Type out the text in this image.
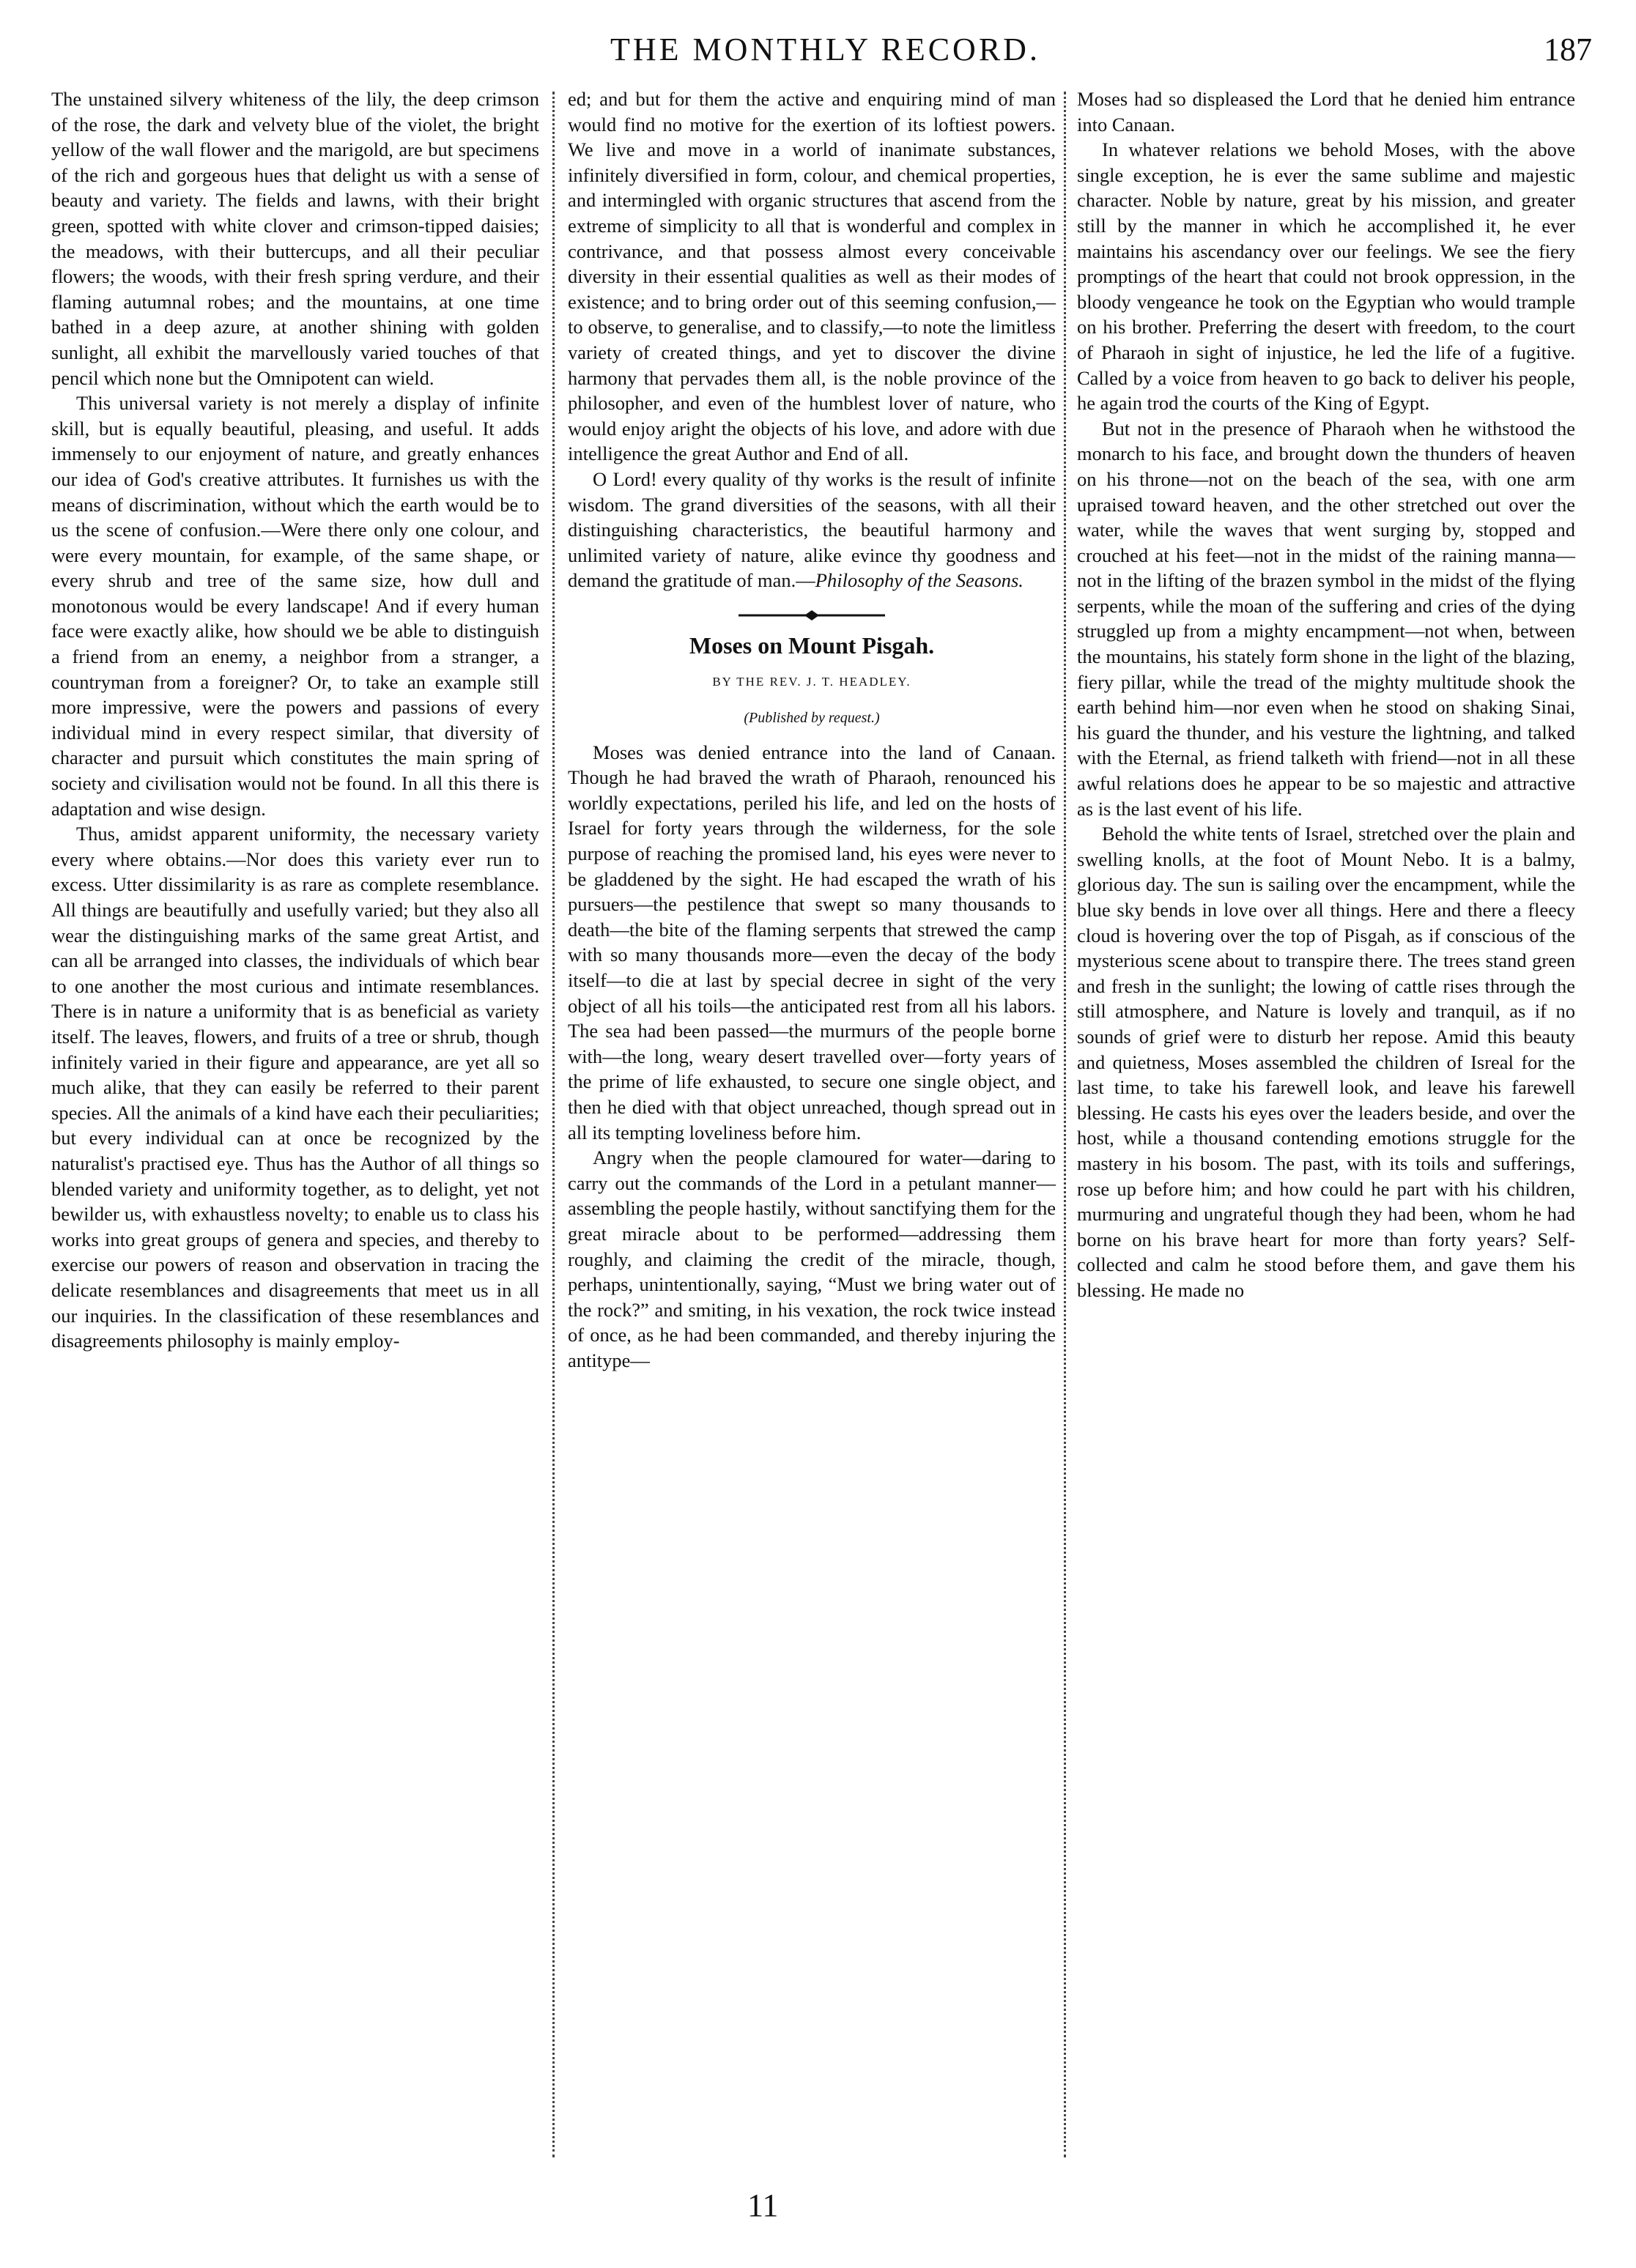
THE MONTHLY RECORD.	187

The unstained silvery whiteness of the lily, the deep crimson of the rose, the dark and velvety blue of the violet, the bright yellow of the wall flower and the marigold, are but specimens of the rich and gorgeous hues that delight us with a sense of beauty and variety. The fields and lawns, with their bright green, spotted with white clover and crimson-tipped daisies; the meadows, with their buttercups, and all their peculiar flowers; the woods, with their fresh spring verdure, and their flaming autumnal robes; and the mountains, at one time bathed in a deep azure, at another shining with golden sunlight, all exhibit the marvellously varied touches of that pencil which none but the Omnipotent can wield.

This universal variety is not merely a display of infinite skill, but is equally beautiful, pleasing, and useful. It adds immensely to our enjoyment of nature, and greatly enhances our idea of God's creative attributes. It furnishes us with the means of discrimination, without which the earth would be to us the scene of confusion.—Were there only one colour, and were every mountain, for example, of the same shape, or every shrub and tree of the same size, how dull and monotonous would be every landscape! And if every human face were exactly alike, how should we be able to distinguish a friend from an enemy, a neighbor from a stranger, a countryman from a foreigner? Or, to take an example still more impressive, were the powers and passions of every individual mind in every respect similar, that diversity of character and pursuit which constitutes the main spring of society and civilisation would not be found. In all this there is adaptation and wise design.

Thus, amidst apparent uniformity, the necessary variety every where obtains.—Nor does this variety ever run to excess. Utter dissimilarity is as rare as complete resemblance. All things are beautifully and usefully varied; but they also all wear the distinguishing marks of the same great Artist, and can all be arranged into classes, the individuals of which bear to one another the most curious and intimate resemblances. There is in nature a uniformity that is as beneficial as variety itself. The leaves, flowers, and fruits of a tree or shrub, though infinitely varied in their figure and appearance, are yet all so much alike, that they can easily be referred to their parent species. All the animals of a kind have each their peculiarities; but every individual can at once be recognized by the naturalist's practised eye. Thus has the Author of all things so blended variety and uniformity together, as to delight, yet not bewilder us, with exhaustless novelty; to enable us to class his works into great groups of genera and species, and thereby to exercise our powers of reason and observation in tracing the delicate resemblances and disagreements that meet us in all our inquiries. In the classification of these resemblances and disagreements philosophy is mainly employ-

ed; and but for them the active and enquiring mind of man would find no motive for the exertion of its loftiest powers. We live and move in a world of inanimate substances, infinitely diversified in form, colour, and chemical properties, and intermingled with organic structures that ascend from the extreme of simplicity to all that is wonderful and complex in contrivance, and that possess almost every conceivable diversity in their essential qualities as well as their modes of existence; and to bring order out of this seeming confusion,—to observe, to generalise, and to classify,—to note the limitless variety of created things, and yet to discover the divine harmony that pervades them all, is the noble province of the philosopher, and even of the humblest lover of nature, who would enjoy aright the objects of his love, and adore with due intelligence the great Author and End of all.

O Lord! every quality of thy works is the result of infinite wisdom. The grand diversities of the seasons, with all their distinguishing characteristics, the beautiful harmony and unlimited variety of nature, alike evince thy goodness and demand the gratitude of man.—Philosophy of the Seasons.

Moses on Mount Pisgah.
BY THE REV. J. T. HEADLEY.
(Published by request.)

Moses was denied entrance into the land of Canaan. Though he had braved the wrath of Pharaoh, renounced his worldly expectations, periled his life, and led on the hosts of Israel for forty years through the wilderness, for the sole purpose of reaching the promised land, his eyes were never to be gladdened by the sight. He had escaped the wrath of his pursuers—the pestilence that swept so many thousands to death—the bite of the flaming serpents that strewed the camp with so many thousands more—even the decay of the body itself—to die at last by special decree in sight of the very object of all his toils—the anticipated rest from all his labors. The sea had been passed—the murmurs of the people borne with—the long, weary desert travelled over—forty years of the prime of life exhausted, to secure one single object, and then he died with that object unreached, though spread out in all its tempting loveliness before him.

Angry when the people clamoured for water—daring to carry out the commands of the Lord in a petulant manner—assembling the people hastily, without sanctifying them for the great miracle about to be performed—addressing them roughly, and claiming the credit of the miracle, though, perhaps, unintentionally, saying, “Must we bring water out of the rock?” and smiting, in his vexation, the rock twice instead of once, as he had been commanded, and thereby injuring the antitype—

Moses had so displeased the Lord that he denied him entrance into Canaan.

In whatever relations we behold Moses, with the above single exception, he is ever the same sublime and majestic character. Noble by nature, great by his mission, and greater still by the manner in which he accomplished it, he ever maintains his ascendancy over our feelings. We see the fiery promptings of the heart that could not brook oppression, in the bloody vengeance he took on the Egyptian who would trample on his brother. Preferring the desert with freedom, to the court of Pharaoh in sight of injustice, he led the life of a fugitive. Called by a voice from heaven to go back to deliver his people, he again trod the courts of the King of Egypt.

But not in the presence of Pharaoh when he withstood the monarch to his face, and brought down the thunders of heaven on his throne—not on the beach of the sea, with one arm upraised toward heaven, and the other stretched out over the water, while the waves that went surging by, stopped and crouched at his feet—not in the midst of the raining manna—not in the lifting of the brazen symbol in the midst of the flying serpents, while the moan of the suffering and cries of the dying struggled up from a mighty encampment—not when, between the mountains, his stately form shone in the light of the blazing, fiery pillar, while the tread of the mighty multitude shook the earth behind him—nor even when he stood on shaking Sinai, his guard the thunder, and his vesture the lightning, and talked with the Eternal, as friend talketh with friend—not in all these awful relations does he appear to be so majestic and attractive as is the last event of his life.

Behold the white tents of Israel, stretched over the plain and swelling knolls, at the foot of Mount Nebo. It is a balmy, glorious day. The sun is sailing over the encampment, while the blue sky bends in love over all things. Here and there a fleecy cloud is hovering over the top of Pisgah, as if conscious of the mysterious scene about to transpire there. The trees stand green and fresh in the sunlight; the lowing of cattle rises through the still atmosphere, and Nature is lovely and tranquil, as if no sounds of grief were to disturb her repose. Amid this beauty and quietness, Moses assembled the children of Isreal for the last time, to take his farewell look, and leave his farewell blessing. He casts his eyes over the leaders beside, and over the host, while a thousand contending emotions struggle for the mastery in his bosom. The past, with its toils and sufferings, rose up before him; and how could he part with his children, murmuring and ungrateful though they had been, whom he had borne on his brave heart for more than forty years? Self-collected and calm he stood before them, and gave them his blessing. He made no

11
